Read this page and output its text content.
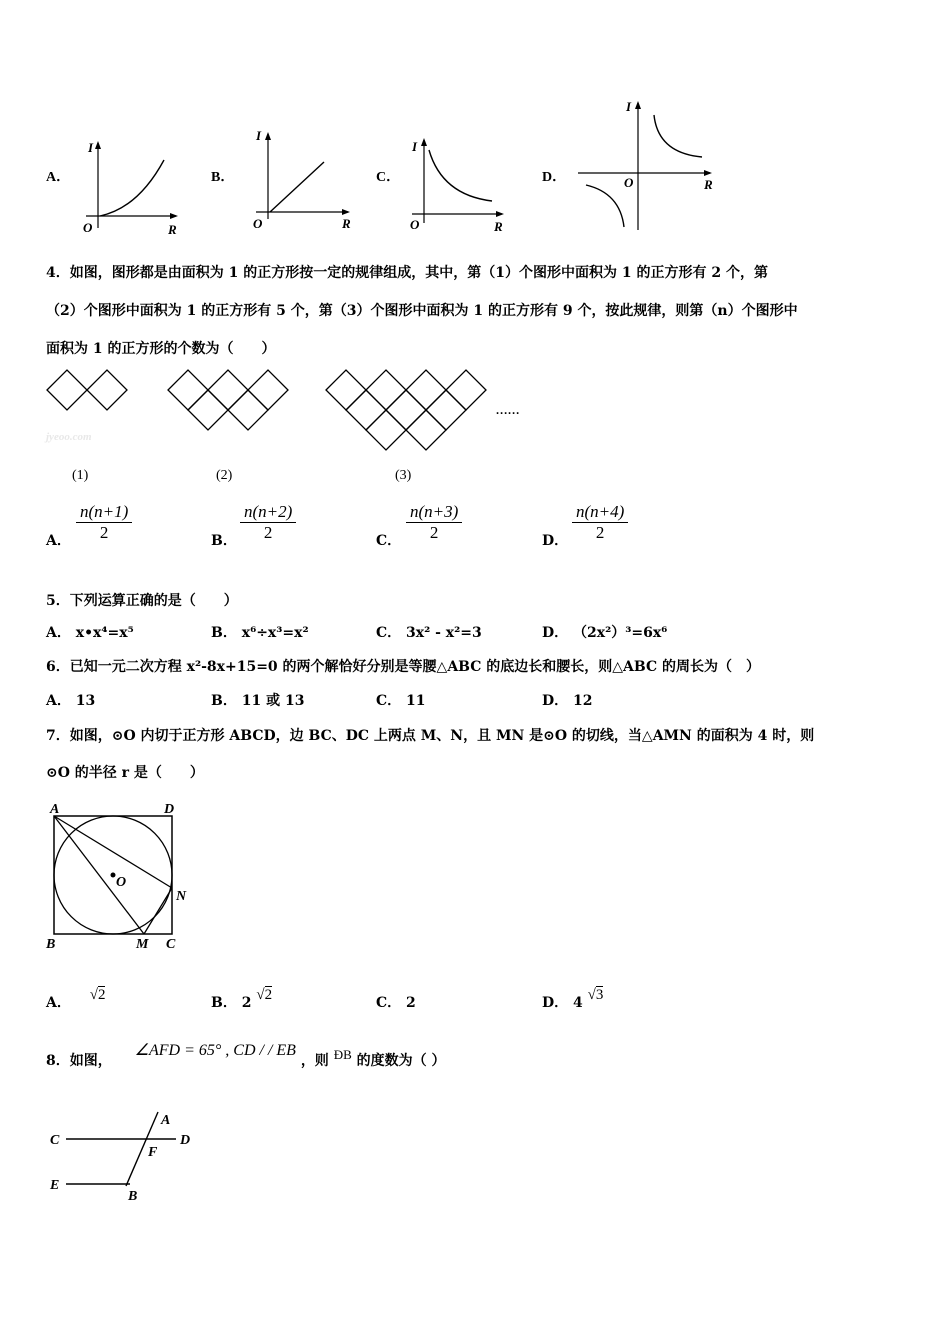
A．
I
R
O
B．
I
R
O
C．
I
R
O
D．
I
R
O
4．如图，图形都是由面积为 1 的正方形按一定的规律组成，其中，第（1）个图形中面积为 1 的正方形有 2 个，第
（2）个图形中面积为 1 的正方形有 5 个，第（3）个图形中面积为 1 的正方形有 9 个，按此规律，则第（n）个图形中
面积为 1 的正方形的个数为（　　）
……
jyeoo.com
(1)	(2)	(3)
A． $\frac{n(n+1)}{2}$	B． $\frac{n(n+2)}{2}$	C． $\frac{n(n+3)}{2}$	D． $\frac{n(n+4)}{2}$
5．下列运算正确的是（　　）
A． x•x⁴=x⁵	B． x⁶÷x³=x²	C． 3x² - x²=3	D． （2x²）³=6x⁶
6．已知一元二次方程 x²-8x+15=0 的两个解恰好分别是等腰△ABC 的底边长和腰长，则△ABC 的周长为（　）
A． 13	B． 11 或 13	C． 11	D． 12
7．如图，⊙O 内切于正方形 ABCD，边 BC、DC 上两点 M、N，且 MN 是⊙O 的切线，当△AMN 的面积为 4 时，则
⊙O 的半径 r 是（　　）
A	D
B	C
M
N
O
A． √2	B． 2 √2	C． 2	D． 4 √3
8．如图， ∠AFD = 65° , CD / / EB ，则 ÐB 的度数为（ ）
A
C	D
F
E
B
